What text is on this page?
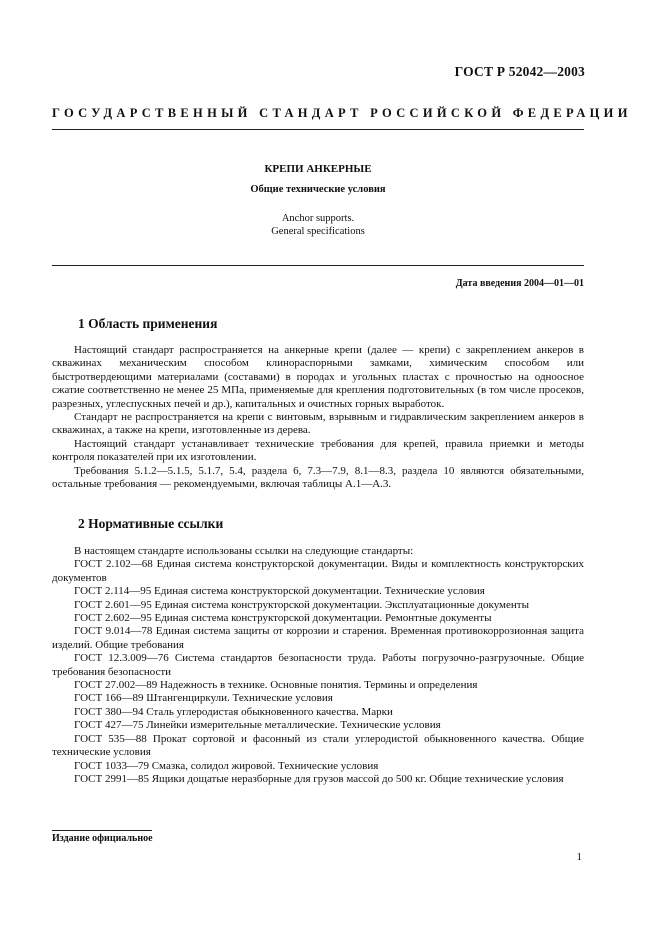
ГОСТ Р 52042—2003
ГОСУДАРСТВЕННЫЙ СТАНДАРТ РОССИЙСКОЙ ФЕДЕРАЦИИ
КРЕПИ АНКЕРНЫЕ
Общие технические условия
Anchor supports.
General specifications
Дата введения 2004—01—01
1 Область применения

Настоящий стандарт распространяется на анкерные крепи (далее — крепи) с закреплением анкеров в скважинах механическим способом клинораспорными замками, химическим способом или быстротвердеющими материалами (составами) в породах и угольных пластах с прочностью на одноосное сжатие соответственно не менее 25 МПа, применяемые для крепления подготовительных (в том числе просеков, разрезных, углеспускных печей и др.), капитальных и очистных горных выработок.

Стандарт не распространяется на крепи с винтовым, взрывным и гидравлическим закреплением анкеров в скважинах, а также на крепи, изготовленные из дерева.

Настоящий стандарт устанавливает технические требования для крепей, правила приемки и методы контроля показателей при их изготовлении.

Требования 5.1.2—5.1.5, 5.1.7, 5.4, раздела 6, 7.3—7.9, 8.1—8.3, раздела 10 являются обязательными, остальные требования — рекомендуемыми, включая таблицы А.1—А.3.

2 Нормативные ссылки

В настоящем стандарте использованы ссылки на следующие стандарты:

ГОСТ 2.102—68 Единая система конструкторской документации. Виды и комплектность конструкторских документов

ГОСТ 2.114—95 Единая система конструкторской документации. Технические условия

ГОСТ 2.601—95 Единая система конструкторской документации. Эксплуатационные документы

ГОСТ 2.602—95 Единая система конструкторской документации. Ремонтные документы

ГОСТ 9.014—78 Единая система защиты от коррозии и старения. Временная противокоррозионная защита изделий. Общие требования

ГОСТ 12.3.009—76 Система стандартов безопасности труда. Работы погрузочно-разгрузочные. Общие требования безопасности

ГОСТ 27.002—89 Надежность в технике. Основные понятия. Термины и определения

ГОСТ 166—89 Штангенциркули. Технические условия

ГОСТ 380—94 Сталь углеродистая обыкновенного качества. Марки

ГОСТ 427—75 Линейки измерительные металлические. Технические условия

ГОСТ 535—88 Прокат сортовой и фасонный из стали углеродистой обыкновенного качества. Общие технические условия

ГОСТ 1033—79 Смазка, солидол жировой. Технические условия

ГОСТ 2991—85 Ящики дощатые неразборные для грузов массой до 500 кг. Общие технические условия

Издание официальное
1
